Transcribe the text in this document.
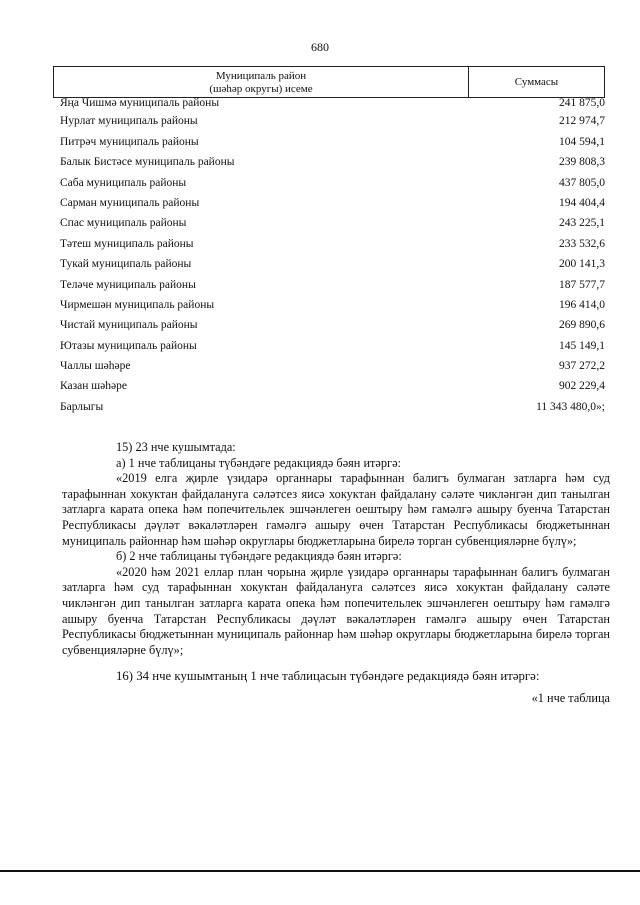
680
Муниципаль район
(шәһәр округы) исеме
Суммасы
Яңа Чишмә муниципаль районы	241 875,0
Нурлат муниципаль районы	212 974,7
Питрәч муниципаль районы	104 594,1
Балык Бистәсе муниципаль районы	239 808,3
Саба муниципаль районы	437 805,0
Сарман муниципаль районы	194 404,4
Спас муниципаль районы	243 225,1
Тәтеш муниципаль районы	233 532,6
Тукай муниципаль районы	200 141,3
Теләче муниципаль районы	187 577,7
Чирмешән муниципаль районы	196 414,0
Чистай муниципаль районы	269 890,6
Ютазы муниципаль районы	145 149,1
Чаллы шәһәре	937 272,2
Казан шәһәре	902 229,4
Барлыгы	11 343 480,0»;

15) 23 нче кушымтада:

а) 1 нче таблицаны түбәндәге редакциядә бәян итәргә:

«2019 елга җирле үзидарә органнары тарафыннан балигъ булмаган затларга һәм суд тарафыннан хокуктан файдалануга сәләтсез яисә хокуктан файдалану сәләте чикләнгән дип танылган затларга карата опека һәм попечительлек эшчәнлеген оештыру һәм гамәлгә ашыру буенча Татарстан Республикасы дәүләт вәкаләтләрен гамәлгә ашыру өчен Татарстан Республикасы бюджетыннан муниципаль районнар һәм шәһәр округлары бюджетларына бирелә торган субвенцияләрне бүлү»;

б) 2 нче таблицаны түбәндәге редакциядә бәян итәргә:

«2020 һәм 2021 еллар план чорына җирле үзидарә органнары тарафыннан балигъ булмаган затларга һәм суд тарафыннан хокуктан файдалануга сәләтсез яисә хокуктан файдалану сәләте чикләнгән дип танылган затларга карата опека һәм попечительлек эшчәнлеген оештыру һәм гамәлгә ашыру буенча Татарстан Республикасы дәүләт вәкаләтләрен гамәлгә ашыру өчен Татарстан Республикасы бюджетыннан муниципаль районнар һәм шәһәр округлары бюджетларына бирелә торган субвенцияләрне бүлү»;

16) 34 нче кушымтаның 1 нче таблицасын түбәндәге редакциядә бәян итәргә:

«1 нче таблица
